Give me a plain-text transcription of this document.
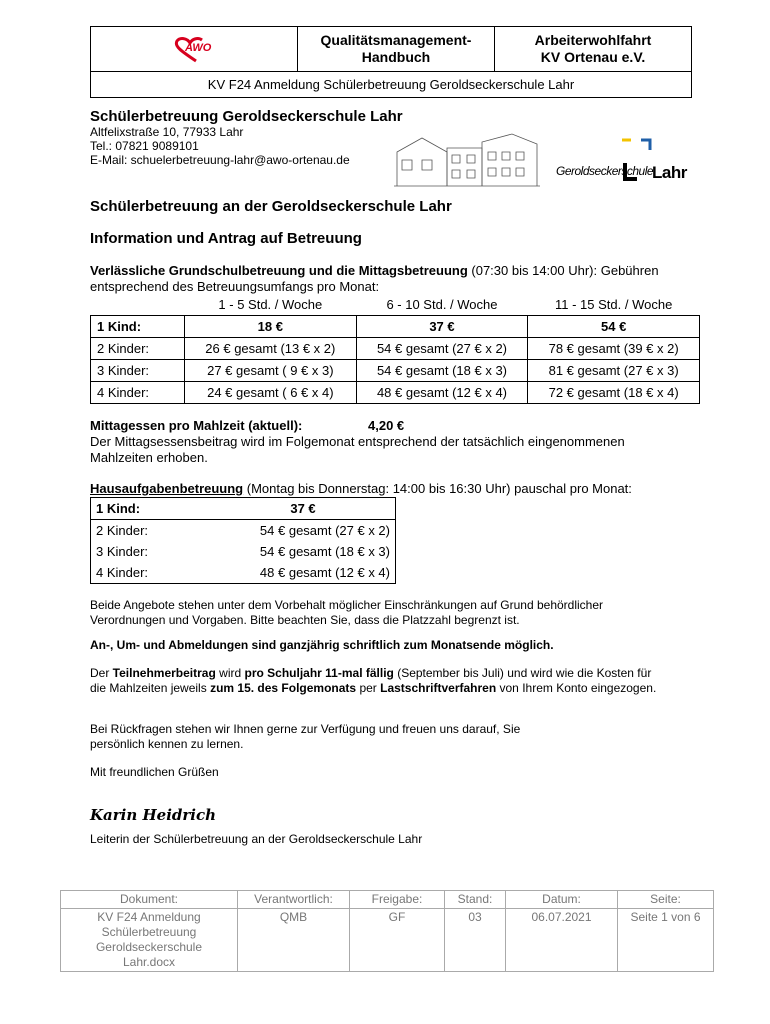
AWO	Qualitätsmanagement-
Handbuch
Arbeiterwohlfahrt
KV Ortenau e.V.
KV F24 Anmeldung Schülerbetreuung Geroldseckerschule Lahr
Schülerbetreuung Geroldseckerschule Lahr
Altfelixstraße 10, 77933 Lahr
Tel.: 07821 9089101
E-Mail: schuelerbetreuung-lahr@awo-ortenau.de
Geroldseckerschule
Lahr
Schülerbetreuung an der Geroldseckerschule Lahr
Information und Antrag auf Betreuung
Verlässliche Grundschulbetreuung und die Mittagsbetreuung (07:30 bis 14:00 Uhr): Gebühren
entsprechend des Betreuungsumfangs pro Monat:
	1 - 5 Std. / Woche	6 - 10 Std. / Woche	11 - 15 Std. / Woche
1 Kind:	18 €	37 €	54 €
2 Kinder:	26 € gesamt (13 € x 2)	54 € gesamt (27 € x 2)	78 € gesamt (39 € x 2)
3 Kinder:	27 € gesamt ( 9 € x 3)	54 € gesamt (18 € x 3)	81 € gesamt (27 € x 3)
4 Kinder:	24 € gesamt ( 6 € x 4)	48 € gesamt (12 € x 4)	72 € gesamt (18 € x 4)
Mittagessen pro Mahlzeit (aktuell):	4,20 €
Der Mittagsessensbeitrag wird im Folgemonat entsprechend der tatsächlich eingenommenen
Mahlzeiten erhoben.
Hausaufgabenbetreuung (Montag bis Donnerstag: 14:00 bis 16:30 Uhr) pauschal pro Monat:
1 Kind:	37 €
2 Kinder:	54 € gesamt (27 € x 2)
3 Kinder:	54 € gesamt (18 € x 3)
4 Kinder:	48 € gesamt (12 € x 4)
Beide Angebote stehen unter dem Vorbehalt möglicher Einschränkungen auf Grund behördlicher
Verordnungen und Vorgaben. Bitte beachten Sie, dass die Platzzahl begrenzt ist.
An-, Um- und Abmeldungen sind ganzjährig schriftlich zum Monatsende möglich.
Der Teilnehmerbeitrag wird pro Schuljahr 11-mal fällig (September bis Juli) und wird wie die Kosten für
die Mahlzeiten jeweils zum 15. des Folgemonats per Lastschriftverfahren von Ihrem Konto eingezogen.
Bei Rückfragen stehen wir Ihnen gerne zur Verfügung und freuen uns darauf, Sie
persönlich kennen zu lernen.
Mit freundlichen Grüßen
Karin Heidrich
Leiterin der Schülerbetreuung an der Geroldseckerschule Lahr
Dokument:	Verantwortlich:	Freigabe:	Stand:	Datum:	Seite:

KV F24 Anmeldung
Schülerbetreuung
Geroldseckerschule
Lahr.docx	QMB	GF	03	06.07.2021	Seite 1 von 6
